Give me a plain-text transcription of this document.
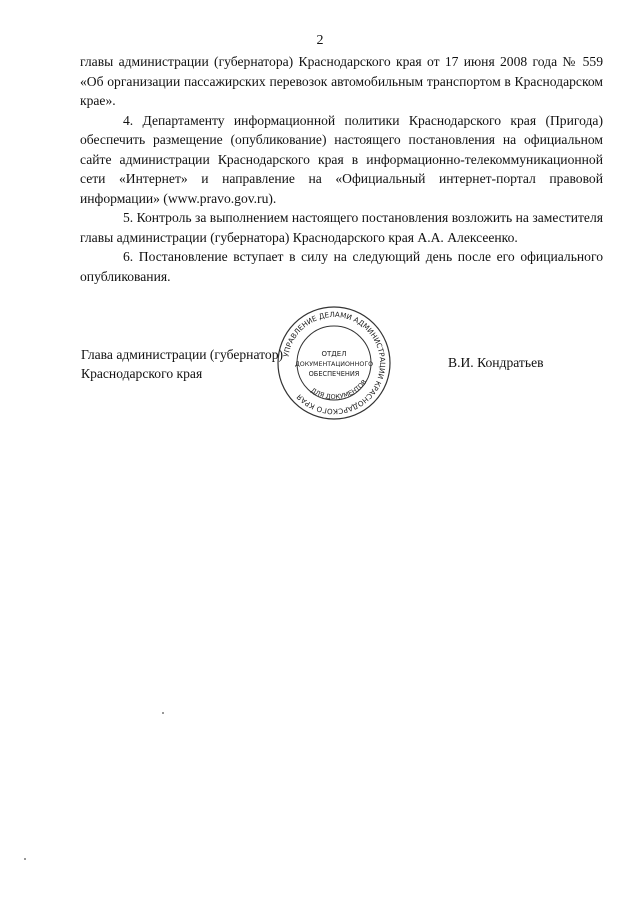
2

главы администрации (губернатора) Краснодарского края от 17 июня 2008 года № 559 «Об организации пассажирских перевозок автомобильным транспортом в Краснодарском крае».

4. Департаменту информационной политики Краснодарского края (Пригода) обеспечить размещение (опубликование) настоящего постановления на официальном сайте администрации Краснодарского края в информационно-телекоммуникационной сети «Интернет» и направление на «Официальный интернет-портал правовой информации» (www.pravo.gov.ru).

5. Контроль за выполнением настоящего постановления возложить на заместителя главы администрации (губернатора) Краснодарского края А.А. Алексеенко.

6. Постановление вступает в силу на следующий день после его официального опубликования.

УПРАВЛЕНИЕ ДЕЛАМИ АДМИНИСТРАЦИИ КРАСНОДАРСКОГО КРАЯ
ДЛЯ ДОКУМЕНТОВ
ОТДЕЛ
ДОКУМЕНТАЦИОННОГО
ОБЕСПЕЧЕНИЯ
Глава администрации (губернатор)
Краснодарского края
В.И. Кондратьев
